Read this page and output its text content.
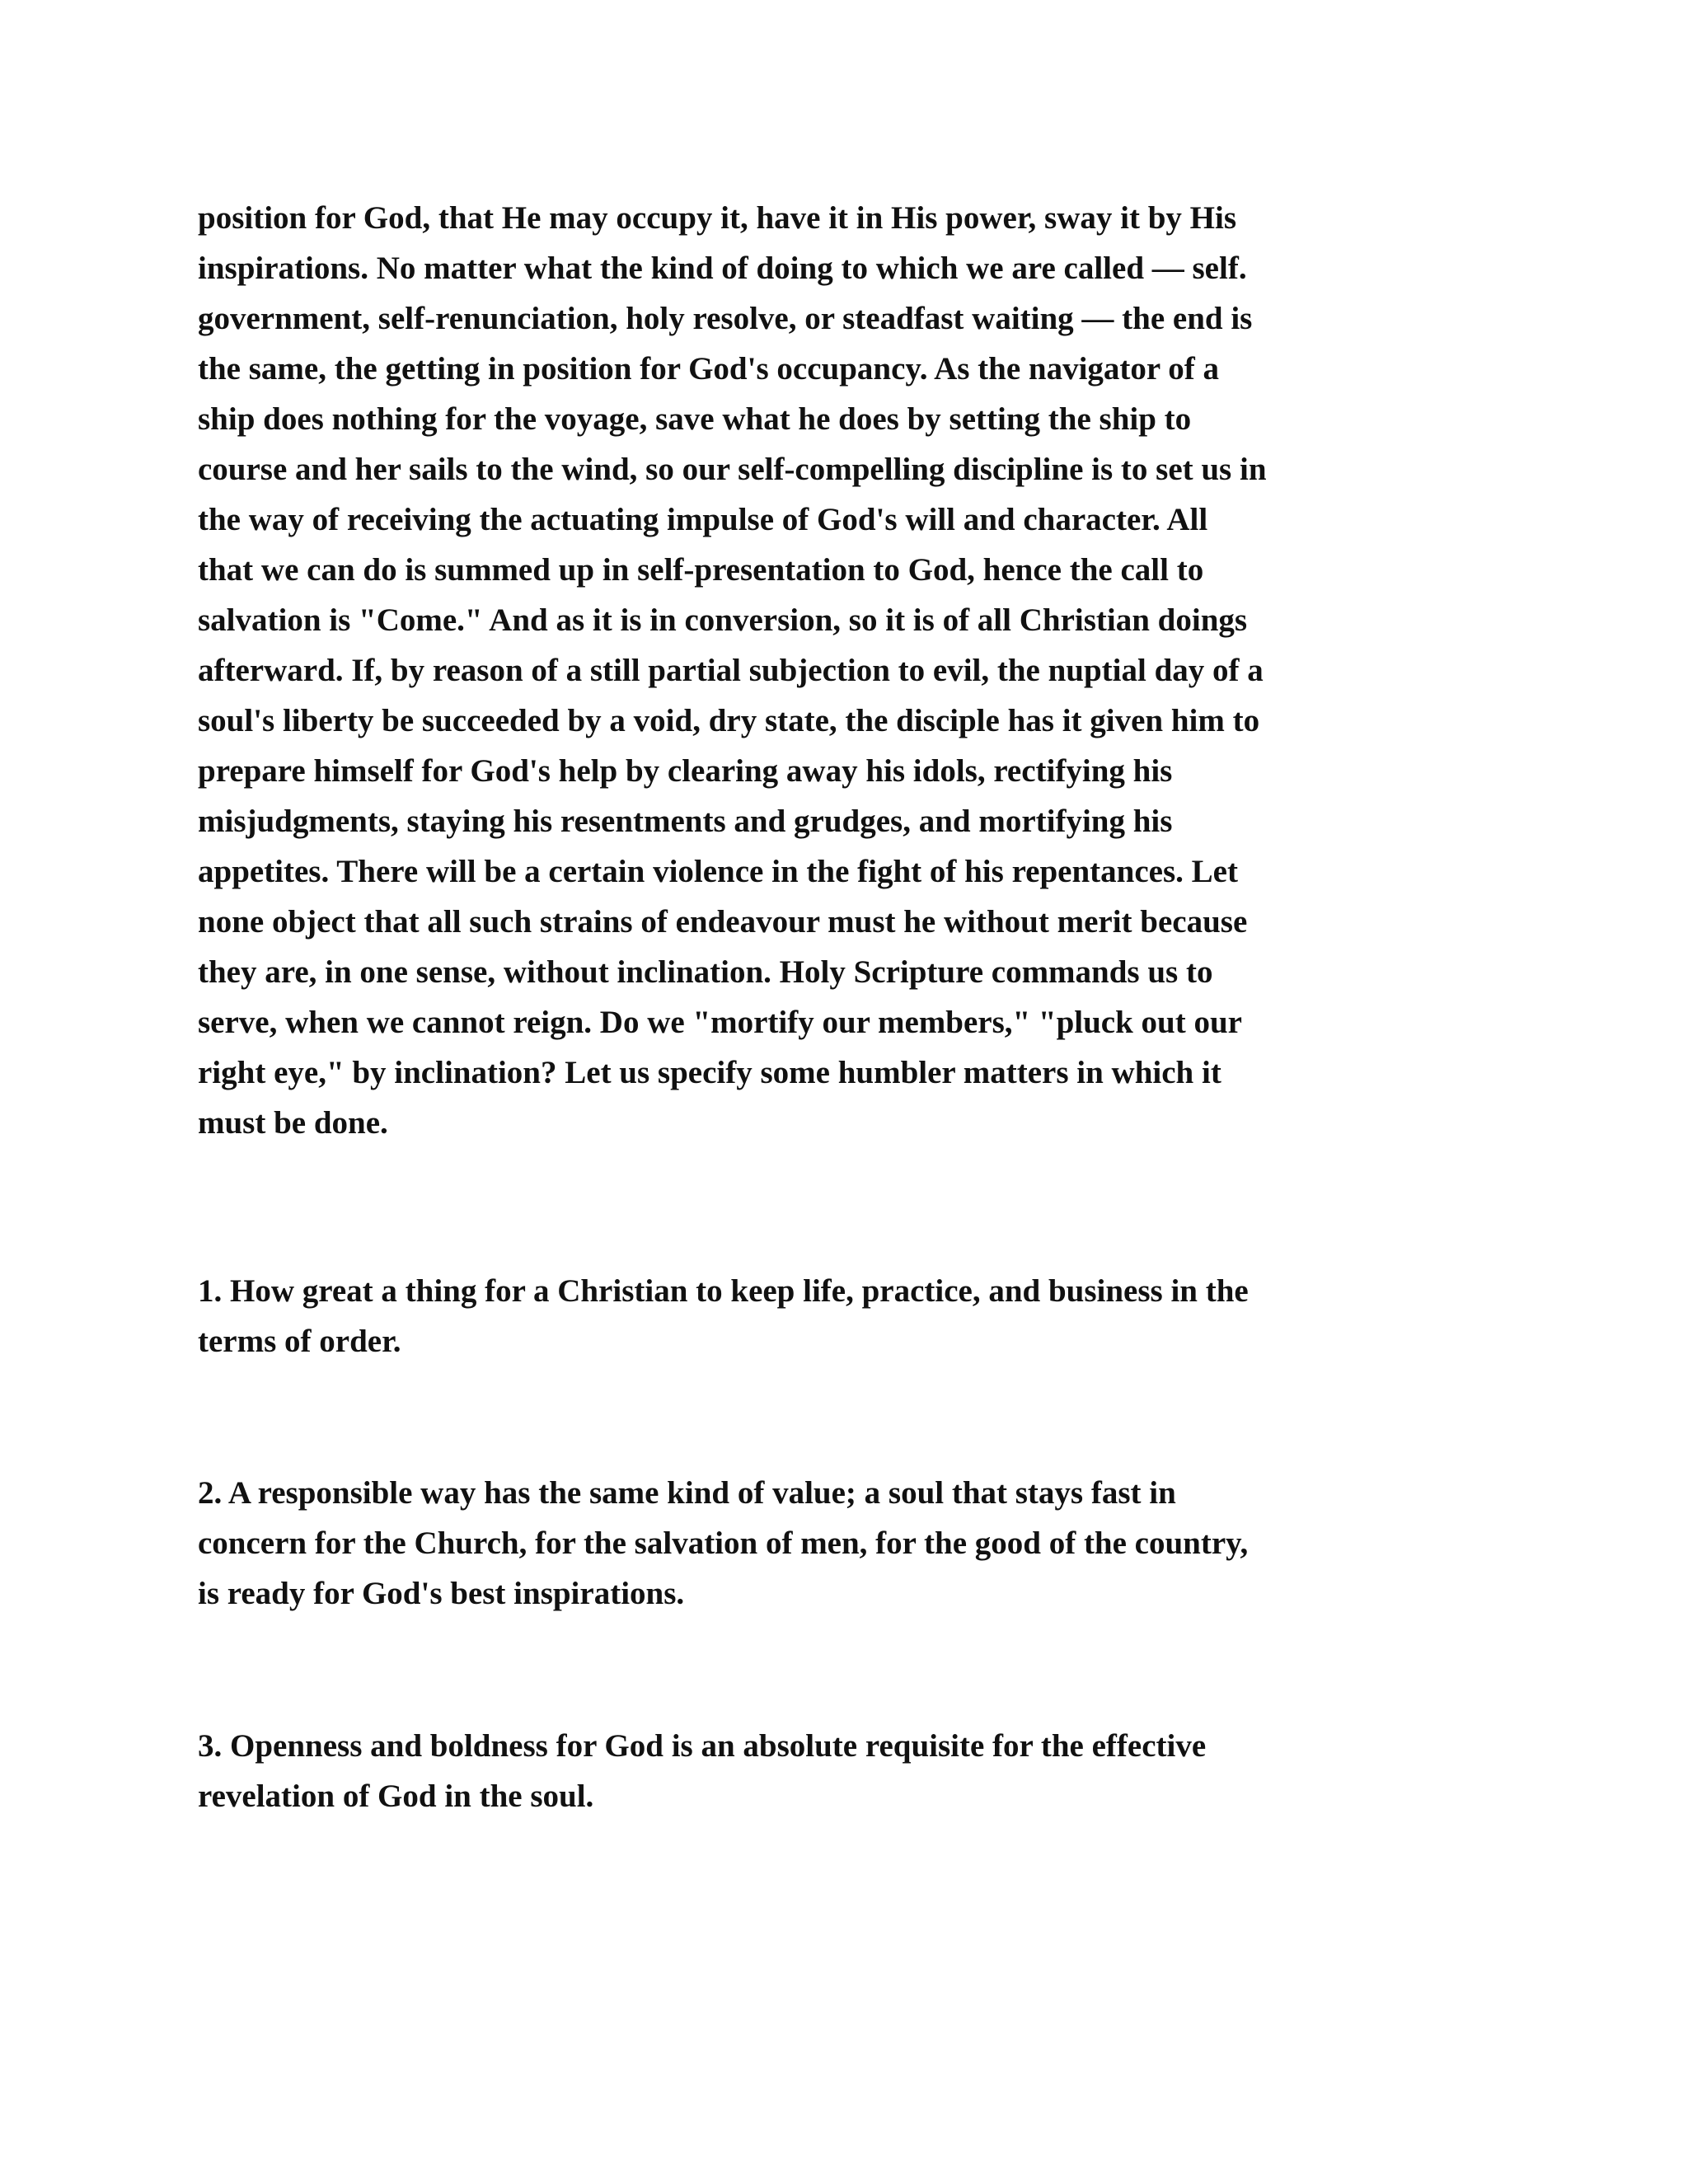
position for God, that He may occupy it, have it in His power, sway it by His
inspirations. No matter what the kind of doing to which we are called — self.
government, self-renunciation, holy resolve, or steadfast waiting — the end is
the same, the getting in position for God's occupancy. As the navigator of a
ship does nothing for the voyage, save what he does by setting the ship to
course and her sails to the wind, so our self-compelling discipline is to set us in
the way of receiving the actuating impulse of God's will and character. All
that we can do is summed up in self-presentation to God, hence the call to
salvation is "Come." And as it is in conversion, so it is of all Christian doings
afterward. If, by reason of a still partial subjection to evil, the nuptial day of a
soul's liberty be succeeded by a void, dry state, the disciple has it given him to
prepare himself for God's help by clearing away his idols, rectifying his
misjudgments, staying his resentments and grudges, and mortifying his
appetites. There will be a certain violence in the fight of his repentances. Let
none object that all such strains of endeavour must he without merit because
they are, in one sense, without inclination. Holy Scripture commands us to
serve, when we cannot reign. Do we "mortify our members," "pluck out our
right eye," by inclination? Let us specify some humbler matters in which it
must be done.

1. How great a thing for a Christian to keep life, practice, and business in the
terms of order.

2. A responsible way has the same kind of value; a soul that stays fast in
concern for the Church, for the salvation of men, for the good of the country,
is ready for God's best inspirations.

3. Openness and boldness for God is an absolute requisite for the effective
revelation of God in the soul.
